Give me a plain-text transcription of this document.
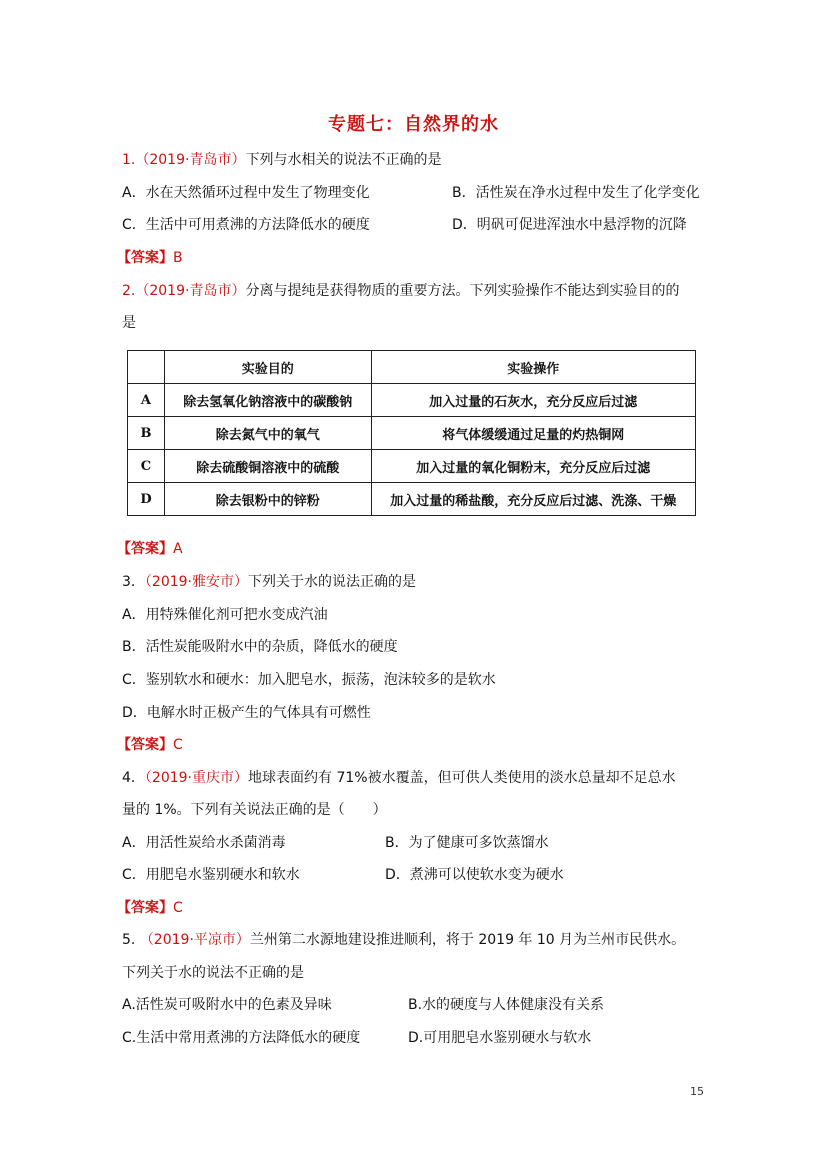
专题七：自然界的水
1.（2019·青岛市）下列与水相关的说法不正确的是
A．水在天然循环过程中发生了物理变化	B．活性炭在净水过程中发生了化学变化
C．生活中可用煮沸的方法降低水的硬度	D．明矾可促进浑浊水中悬浮物的沉降
【答案】B
2.（2019·青岛市）分离与提纯是获得物质的重要方法。下列实验操作不能达到实验目的的
是
	实验目的	实验操作
A	除去氢氧化钠溶液中的碳酸钠	加入过量的石灰水，充分反应后过滤
B	除去氮气中的氧气	将气体缓缓通过足量的灼热铜网
C	除去硫酸铜溶液中的硫酸	加入过量的氧化铜粉末，充分反应后过滤
D	除去银粉中的锌粉	加入过量的稀盐酸，充分反应后过滤、洗涤、干燥
【答案】A
3．（2019·雅安市）下列关于水的说法正确的是
A．用特殊催化剂可把水变成汽油
B．活性炭能吸附水中的杂质，降低水的硬度
C．鉴别软水和硬水：加入肥皂水，振荡，泡沫较多的是软水
D．电解水时正极产生的气体具有可燃性
【答案】C
4．（2019·重庆市）地球表面约有 71%被水覆盖，但可供人类使用的淡水总量却不足总水
量的 1%。下列有关说法正确的是（　　）
A．用活性炭给水杀菌消毒	B．为了健康可多饮蒸馏水
C．用肥皂水鉴别硬水和软水	D．煮沸可以使软水变为硬水
【答案】C
5. （2019·平凉市）兰州第二水源地建设推进顺利，将于 2019 年 10 月为兰州市民供水。
下列关于水的说法不正确的是
A.活性炭可吸附水中的色素及异味	B.水的硬度与人体健康没有关系
C.生活中常用煮沸的方法降低水的硬度	D.可用肥皂水鉴别硬水与软水
15
